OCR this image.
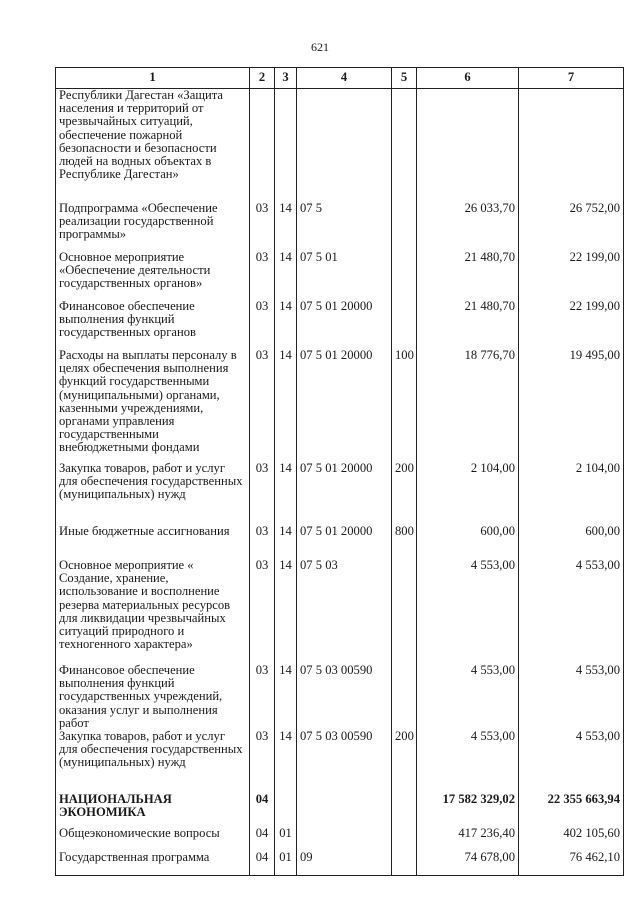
621
1	2	3	4	5	6	7
Республики Дагестан «Защита населения и территорий от чрезвычайных ситуаций, обеспечение пожарной безопасности и безопасности людей на водных объектах в Республике Дагестан»						
Подпрограмма «Обеспечение реализации государственной программы»	03	14	07 5		26 033,70	26 752,00
Основное мероприятие «Обеспечение деятельности государственных органов»	03	14	07 5 01		21 480,70	22 199,00
Финансовое обеспечение выполнения функций государственных органов	03	14	07 5 01 20000		21 480,70	22 199,00
Расходы на выплаты персоналу в целях обеспечения выполнения функций государственными (муниципальными) органами, казенными учреждениями, органами управления государственными внебюджетными фондами	03	14	07 5 01 20000	100	18 776,70	19 495,00
Закупка товаров, работ и услуг для обеспечения государственных (муниципальных) нужд	03	14	07 5 01 20000	200	2 104,00	2 104,00
Иные бюджетные ассигнования	03	14	07 5 01 20000	800	600,00	600,00
Основное мероприятие « Создание, хранение, использование и восполнение резерва материальных ресурсов для ликвидации чрезвычайных ситуаций природного и техногенного характера»	03	14	07 5 03		4 553,00	4 553,00
Финансовое обеспечение выполнения функций государственных учреждений, оказания услуг и выполнения работ	03	14	07 5 03 00590		4 553,00	4 553,00
Закупка товаров, работ и услуг для обеспечения государственных (муниципальных) нужд	03	14	07 5 03 00590	200	4 553,00	4 553,00
НАЦИОНАЛЬНАЯ ЭКОНОМИКА	04				17 582 329,02	22 355 663,94
Общеэкономические вопросы	04	01			417 236,40	402 105,60
Государственная программа	04	01	09		74 678,00	76 462,10
